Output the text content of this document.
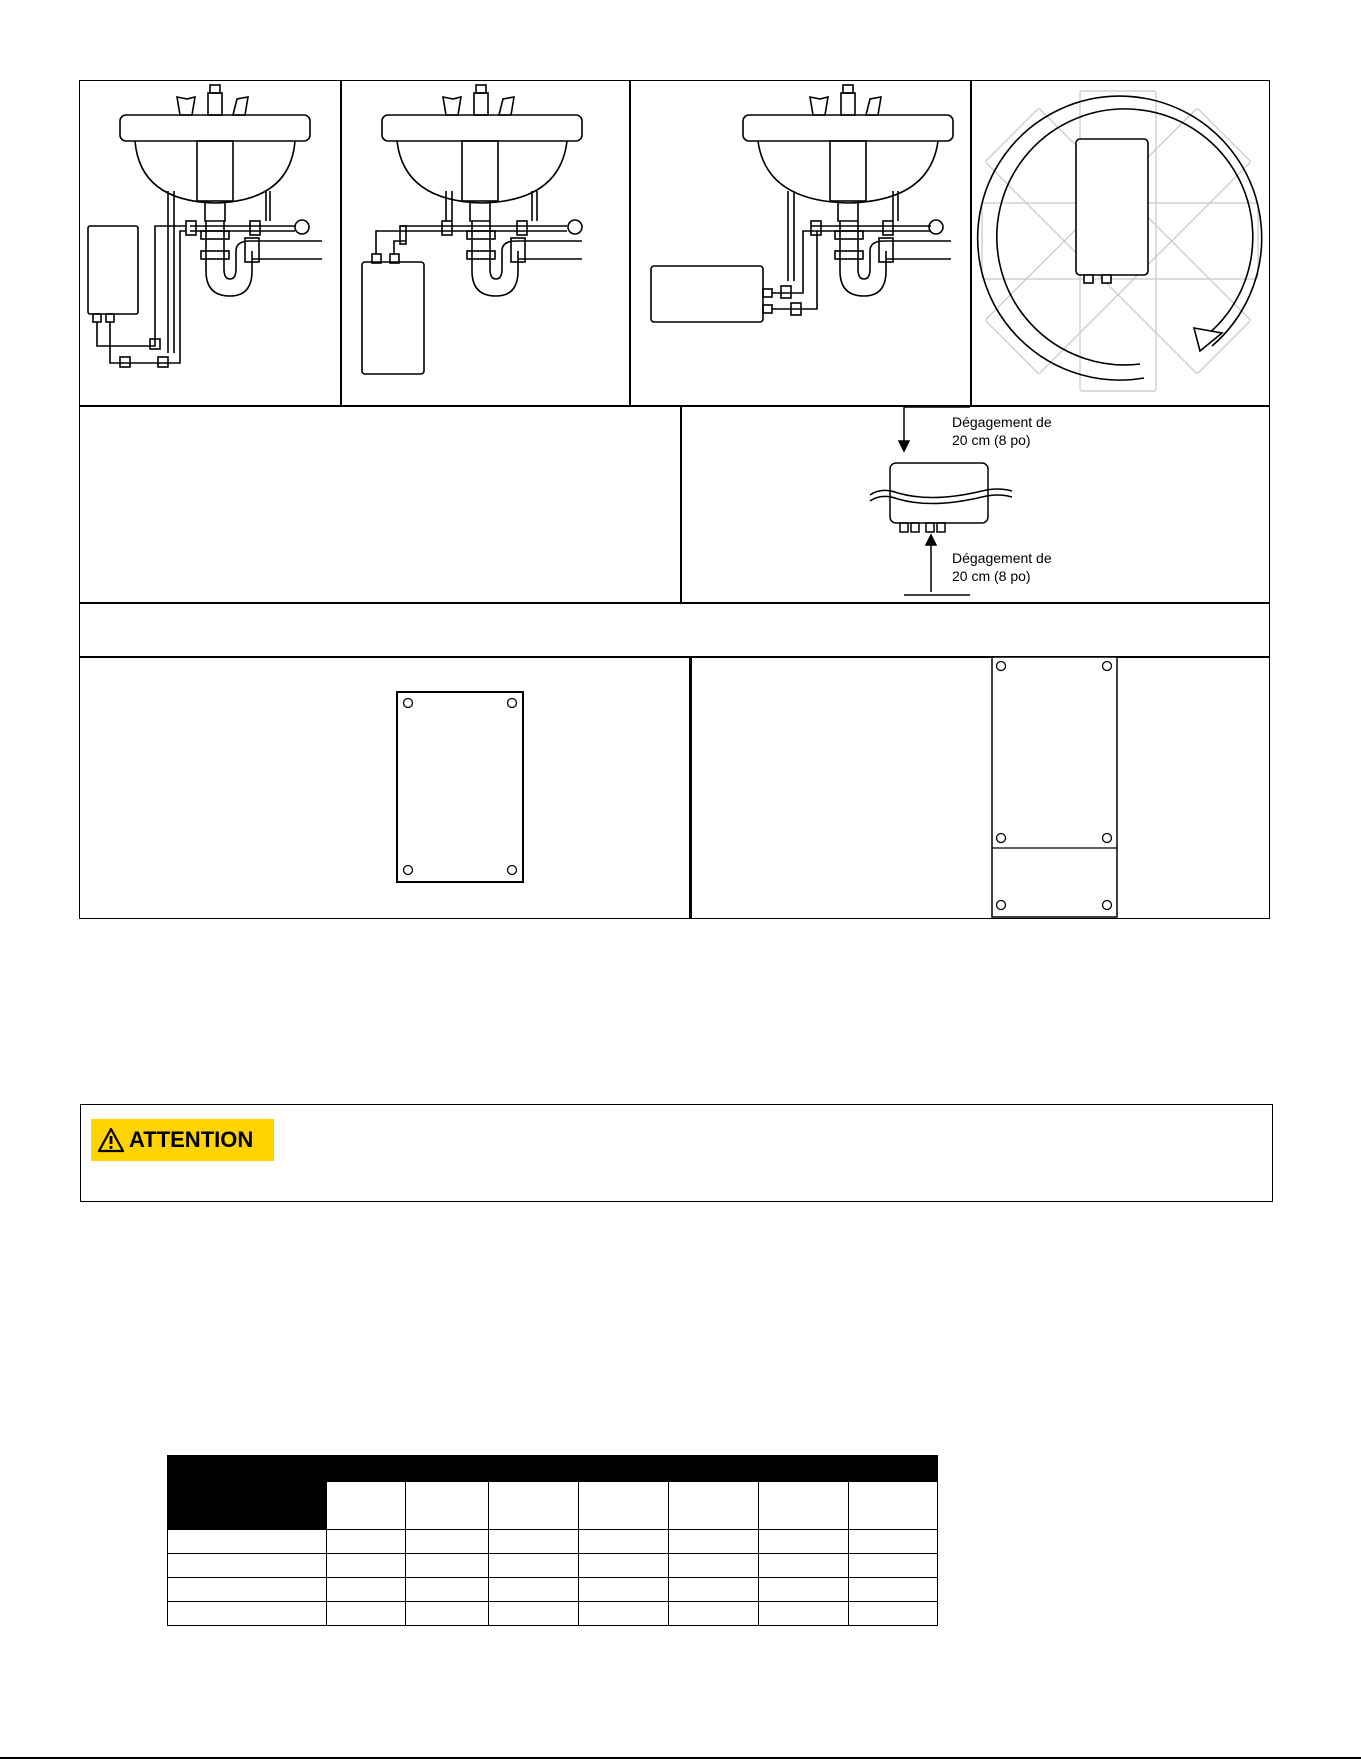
Dégagement de
20 cm (8 po)
Dégagement de
20 cm (8 po)
ATTENTION
